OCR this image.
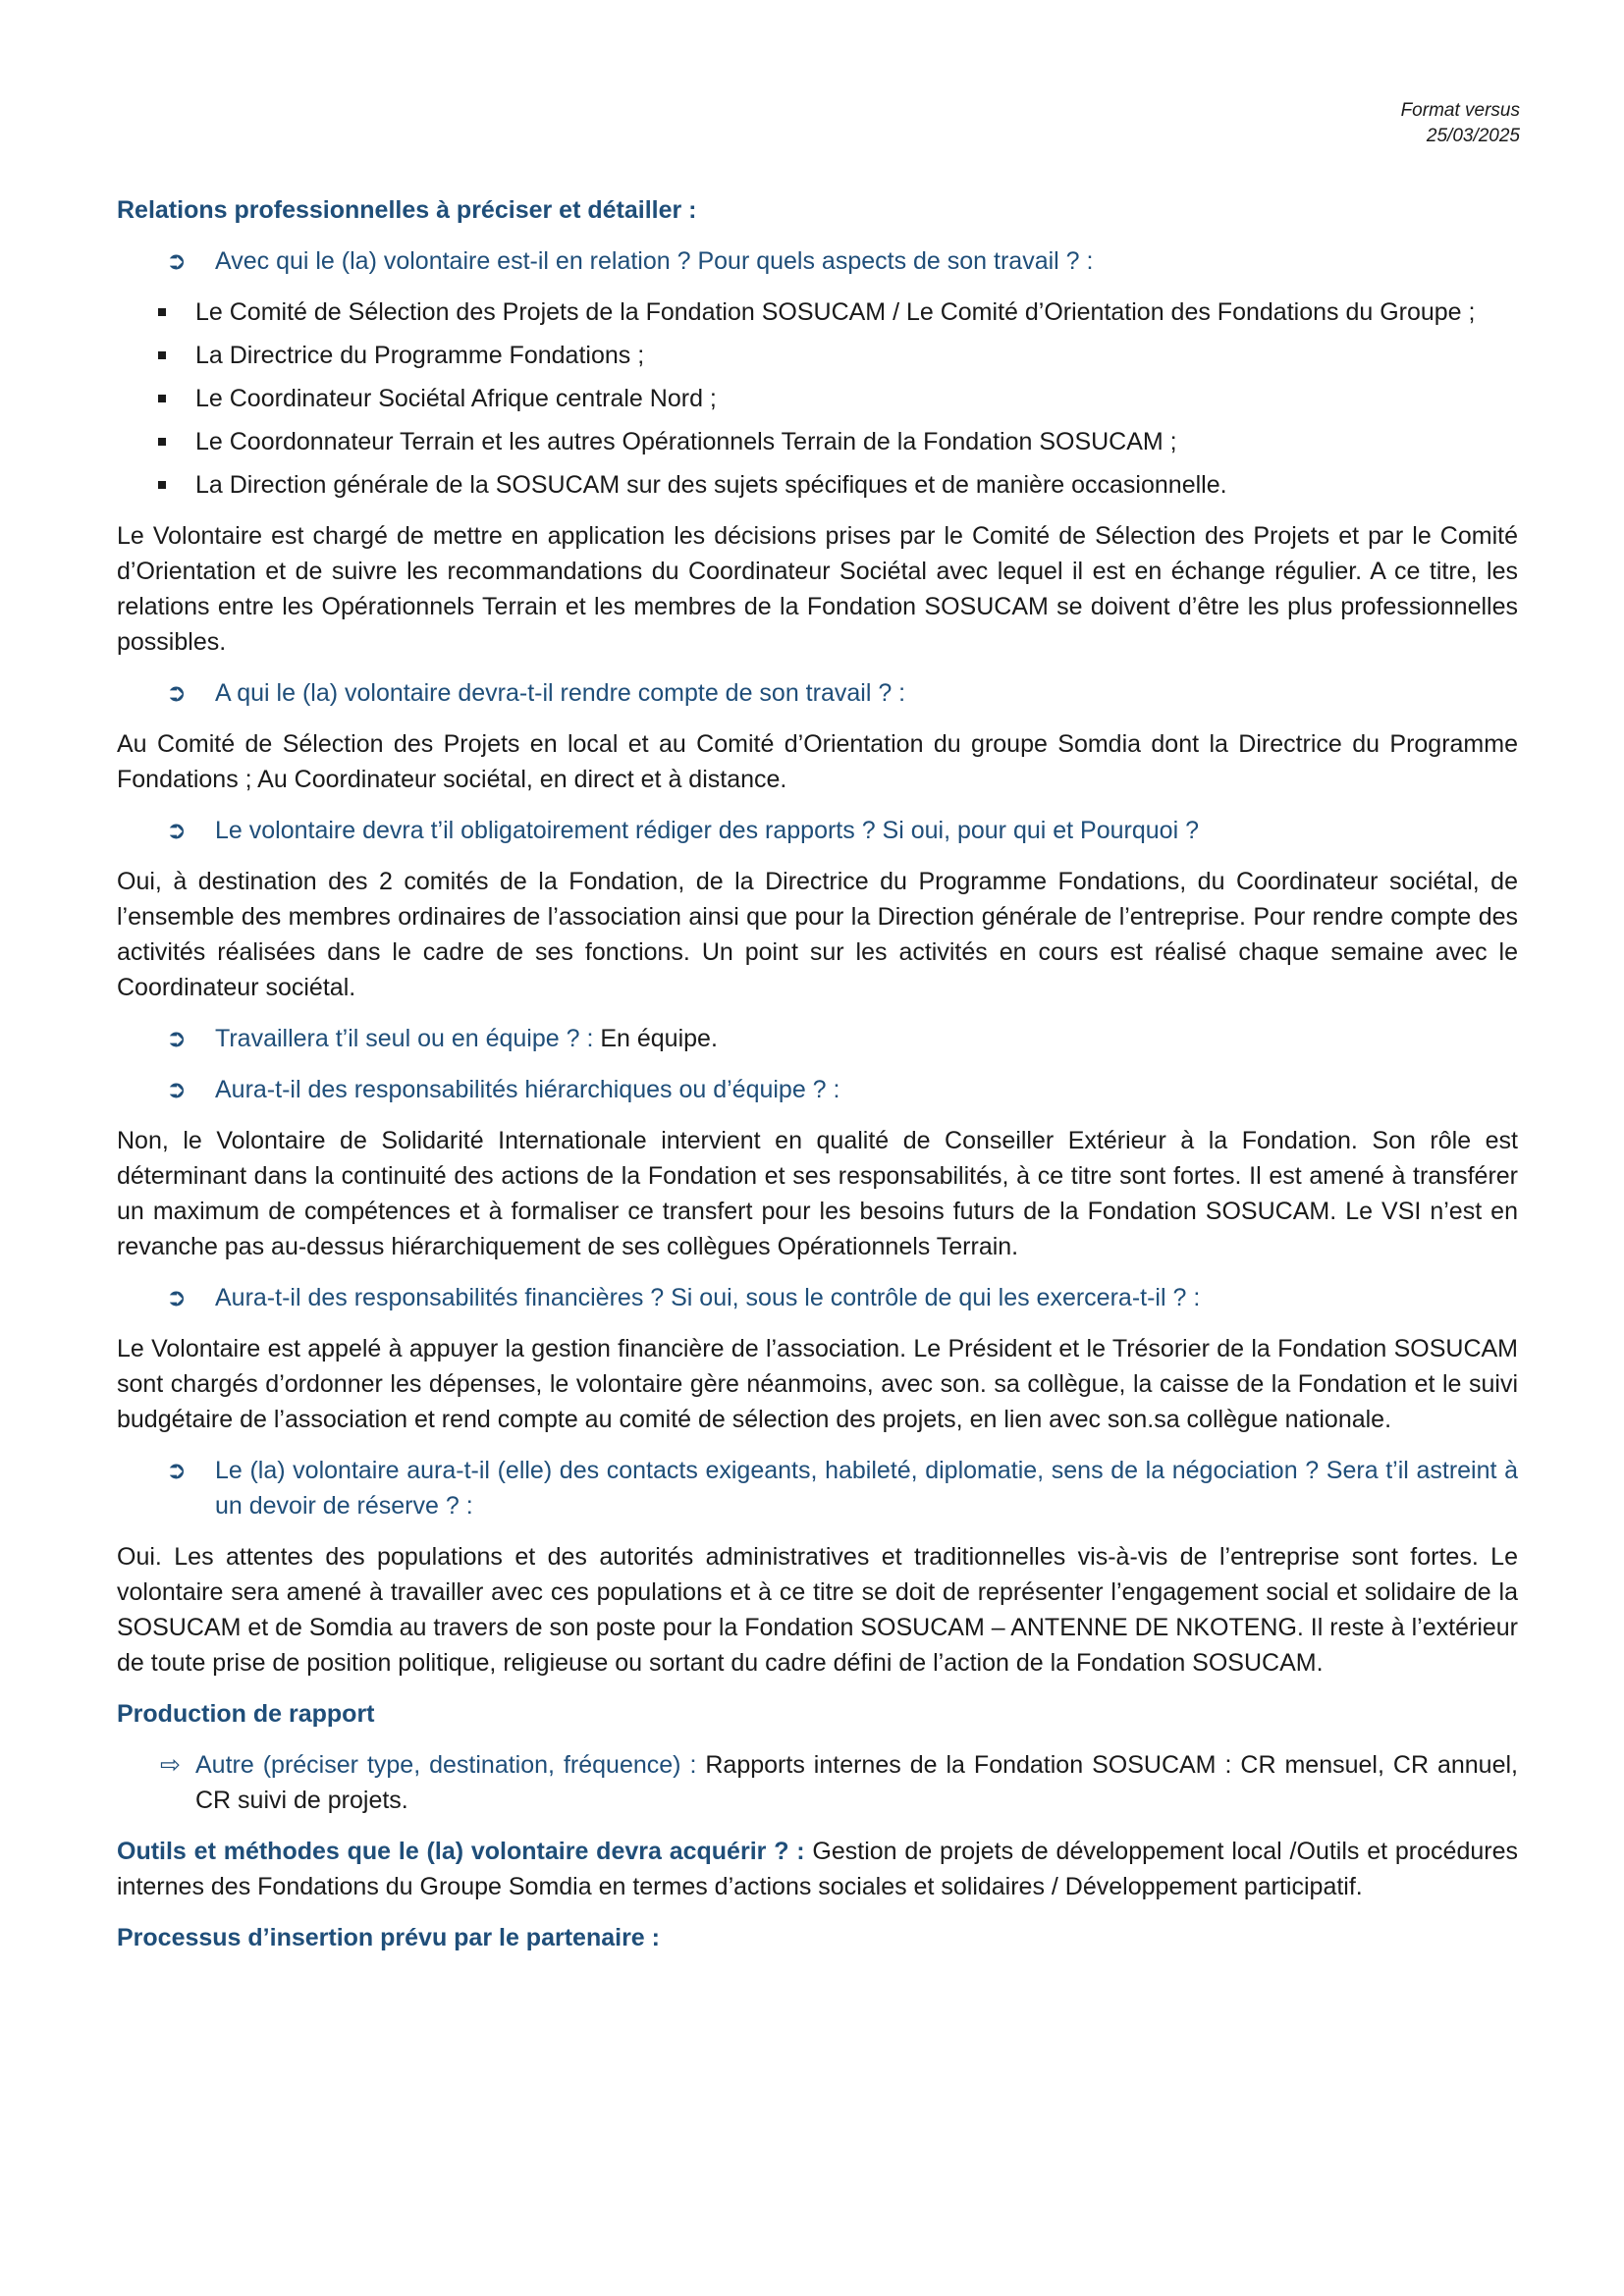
Format versus
25/03/2025
Relations professionnelles à préciser et détailler :
➲ Avec qui le (la) volontaire est-il en relation ? Pour quels aspects de son travail ? :
Le Comité de Sélection des Projets de la Fondation SOSUCAM / Le Comité d’Orientation des Fondations du Groupe ;
La Directrice du Programme Fondations ;
Le Coordinateur Sociétal Afrique centrale Nord ;
Le Coordonnateur Terrain et les autres Opérationnels Terrain de la Fondation SOSUCAM ;
La Direction générale de la SOSUCAM sur des sujets spécifiques et de manière occasionnelle.
Le Volontaire est chargé de mettre en application les décisions prises par le Comité de Sélection des Projets et par le Comité d’Orientation et de suivre les recommandations du Coordinateur Sociétal avec lequel il est en échange régulier. A ce titre, les relations entre les Opérationnels Terrain et les membres de la Fondation SOSUCAM se doivent d’être les plus professionnelles possibles.
➲ A qui le (la) volontaire devra-t-il rendre compte de son travail ? :
Au Comité de Sélection des Projets en local et au Comité d’Orientation du groupe Somdia dont la Directrice du Programme Fondations ; Au Coordinateur sociétal, en direct et à distance.
➲ Le volontaire devra t’il obligatoirement rédiger des rapports ? Si oui, pour qui et Pourquoi ?
Oui, à destination des 2 comités de la Fondation, de la Directrice du Programme Fondations, du Coordinateur sociétal, de l’ensemble des membres ordinaires de l’association ainsi que pour la Direction générale de l’entreprise. Pour rendre compte des activités réalisées dans le cadre de ses fonctions. Un point sur les activités en cours est réalisé chaque semaine avec le Coordinateur sociétal.
➲ Travaillera t’il seul ou en équipe ? : En équipe.
➲ Aura-t-il des responsabilités hiérarchiques ou d’équipe ? :
Non, le Volontaire de Solidarité Internationale intervient en qualité de Conseiller Extérieur à la Fondation. Son rôle est déterminant dans la continuité des actions de la Fondation et ses responsabilités, à ce titre sont fortes. Il est amené à transférer un maximum de compétences et à formaliser ce transfert pour les besoins futurs de la Fondation SOSUCAM. Le VSI n’est en revanche pas au-dessus hiérarchiquement de ses collègues Opérationnels Terrain.
➲ Aura-t-il des responsabilités financières ? Si oui, sous le contrôle de qui les exercera-t-il ? :
Le Volontaire est appelé à appuyer la gestion financière de l’association. Le Président et le Trésorier de la Fondation SOSUCAM sont chargés d’ordonner les dépenses, le volontaire gère néanmoins, avec son. sa collègue, la caisse de la Fondation et le suivi budgétaire de l’association et rend compte au comité de sélection des projets, en lien avec son.sa collègue nationale.
➲ Le (la) volontaire aura-t-il (elle) des contacts exigeants, habileté, diplomatie, sens de la négociation ? Sera t’il astreint à un devoir de réserve ? :
Oui. Les attentes des populations et des autorités administratives et traditionnelles vis-à-vis de l’entreprise sont fortes. Le volontaire sera amené à travailler avec ces populations et à ce titre se doit de représenter l’engagement social et solidaire de la SOSUCAM et de Somdia au travers de son poste pour la Fondation SOSUCAM – ANTENNE DE NKOTENG. Il reste à l’extérieur de toute prise de position politique, religieuse ou sortant du cadre défini de l’action de la Fondation SOSUCAM.
Production de rapport
⇨ Autre (préciser type, destination, fréquence) : Rapports internes de la Fondation SOSUCAM : CR mensuel, CR annuel, CR suivi de projets.
Outils et méthodes que le (la) volontaire devra acquérir ? : Gestion de projets de développement local /Outils et procédures internes des Fondations du Groupe Somdia en termes d’actions sociales et solidaires / Développement participatif.
Processus d’insertion prévu par le partenaire :
